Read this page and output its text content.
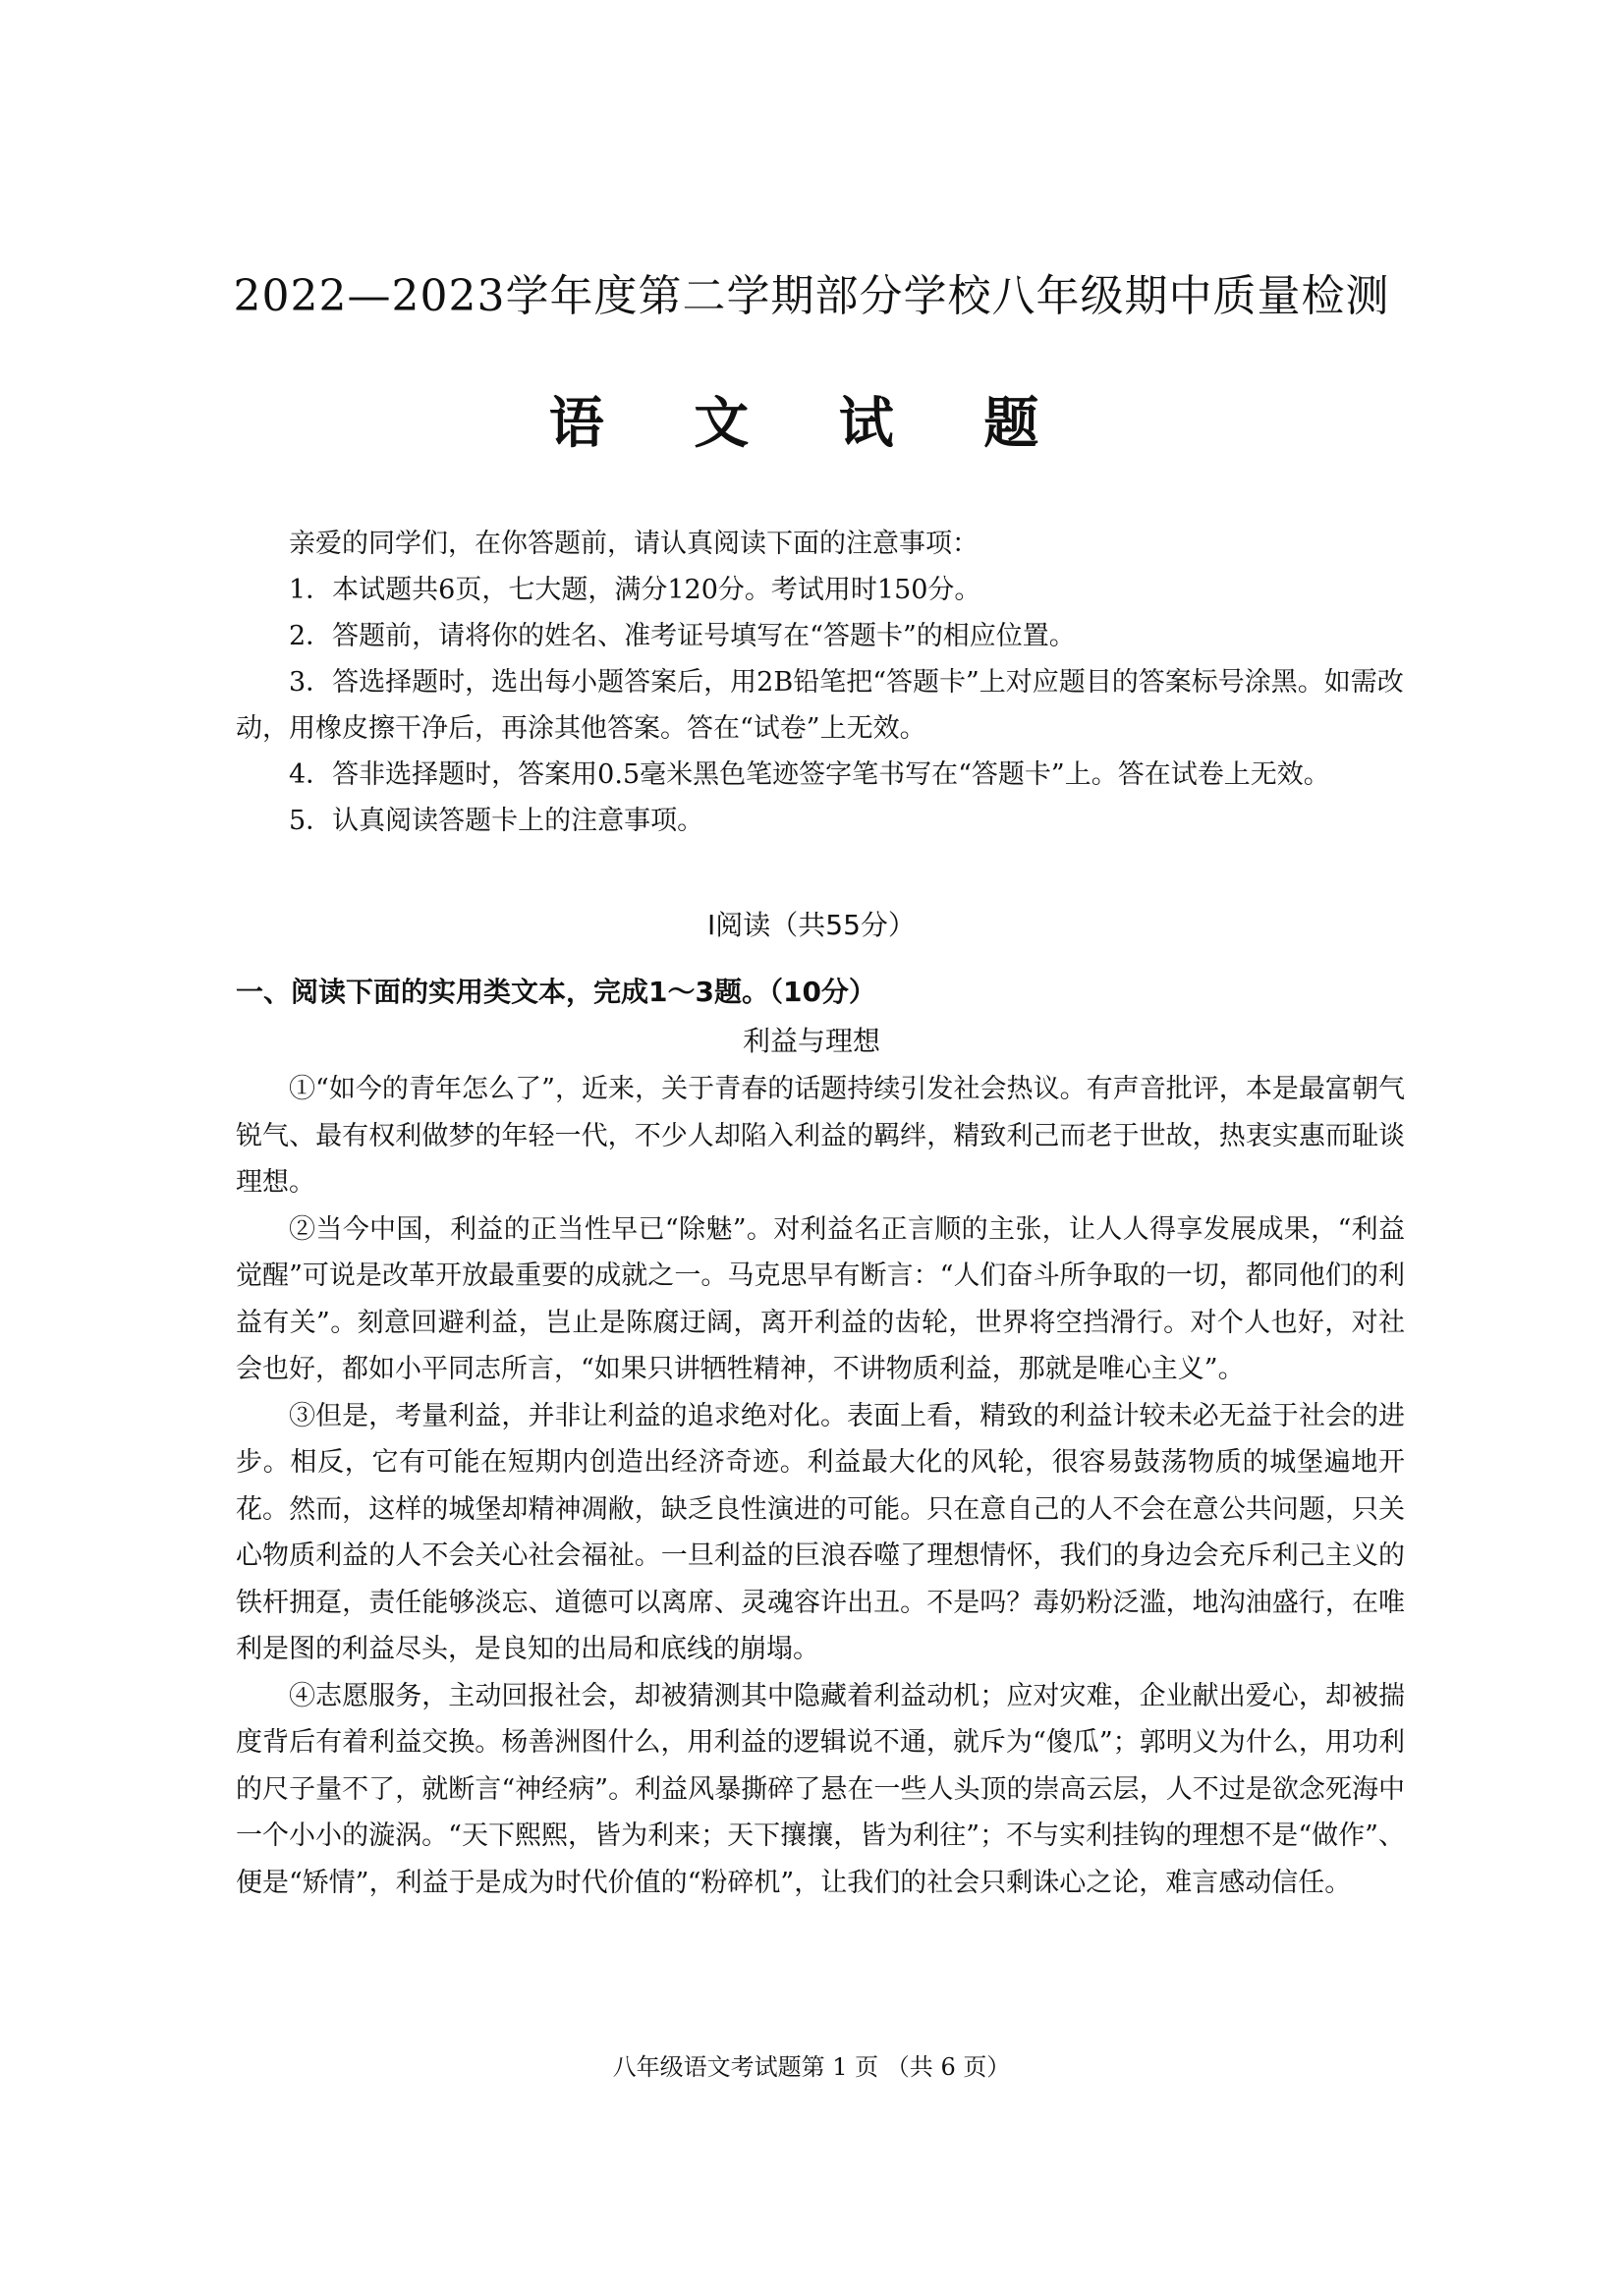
2022—2023学年度第二学期部分学校八年级期中质量检测
语 文 试 题

亲爱的同学们，在你答题前，请认真阅读下面的注意事项：

1．本试题共6页，七大题，满分120分。考试用时150分。

2．答题前，请将你的姓名、准考证号填写在“答题卡”的相应位置。

3．答选择题时，选出每小题答案后，用2B铅笔把“答题卡”上对应题目的答案标号涂黑。如需改动，用橡皮擦干净后，再涂其他答案。答在“试卷”上无效。

4．答非选择题时，答案用0.5毫米黑色笔迹签字笔书写在“答题卡”上。答在试卷上无效。

5．认真阅读答题卡上的注意事项。

Ⅰ阅读（共55分）
一、阅读下面的实用类文本，完成1～3题。（10分）
利益与理想

①“如今的青年怎么了”，近来，关于青春的话题持续引发社会热议。有声音批评，本是最富朝气锐气、最有权利做梦的年轻一代，不少人却陷入利益的羁绊，精致利己而老于世故，热衷实惠而耻谈理想。

②当今中国，利益的正当性早已“除魅”。对利益名正言顺的主张，让人人得享发展成果，“利益觉醒”可说是改革开放最重要的成就之一。马克思早有断言：“人们奋斗所争取的一切，都同他们的利益有关”。刻意回避利益，岂止是陈腐迂阔，离开利益的齿轮，世界将空挡滑行。对个人也好，对社会也好，都如小平同志所言，“如果只讲牺牲精神，不讲物质利益，那就是唯心主义”。

③但是，考量利益，并非让利益的追求绝对化。表面上看，精致的利益计较未必无益于社会的进步。相反，它有可能在短期内创造出经济奇迹。利益最大化的风轮，很容易鼓荡物质的城堡遍地开花。然而，这样的城堡却精神凋敝，缺乏良性演进的可能。只在意自己的人不会在意公共问题，只关心物质利益的人不会关心社会福祉。一旦利益的巨浪吞噬了理想情怀，我们的身边会充斥利己主义的铁杆拥趸，责任能够淡忘、道德可以离席、灵魂容许出丑。不是吗？毒奶粉泛滥，地沟油盛行，在唯利是图的利益尽头，是良知的出局和底线的崩塌。

④志愿服务，主动回报社会，却被猜测其中隐藏着利益动机；应对灾难，企业献出爱心，却被揣度背后有着利益交换。杨善洲图什么，用利益的逻辑说不通，就斥为“傻瓜”；郭明义为什么，用功利的尺子量不了，就断言“神经病”。利益风暴撕碎了悬在一些人头顶的崇高云层，人不过是欲念死海中一个小小的漩涡。“天下熙熙，皆为利来；天下攘攘，皆为利往”；不与实利挂钩的理想不是“做作”、便是“矫情”，利益于是成为时代价值的“粉碎机”，让我们的社会只剩诛心之论，难言感动信任。

八年级语文考试题第 1 页 （共 6 页）
